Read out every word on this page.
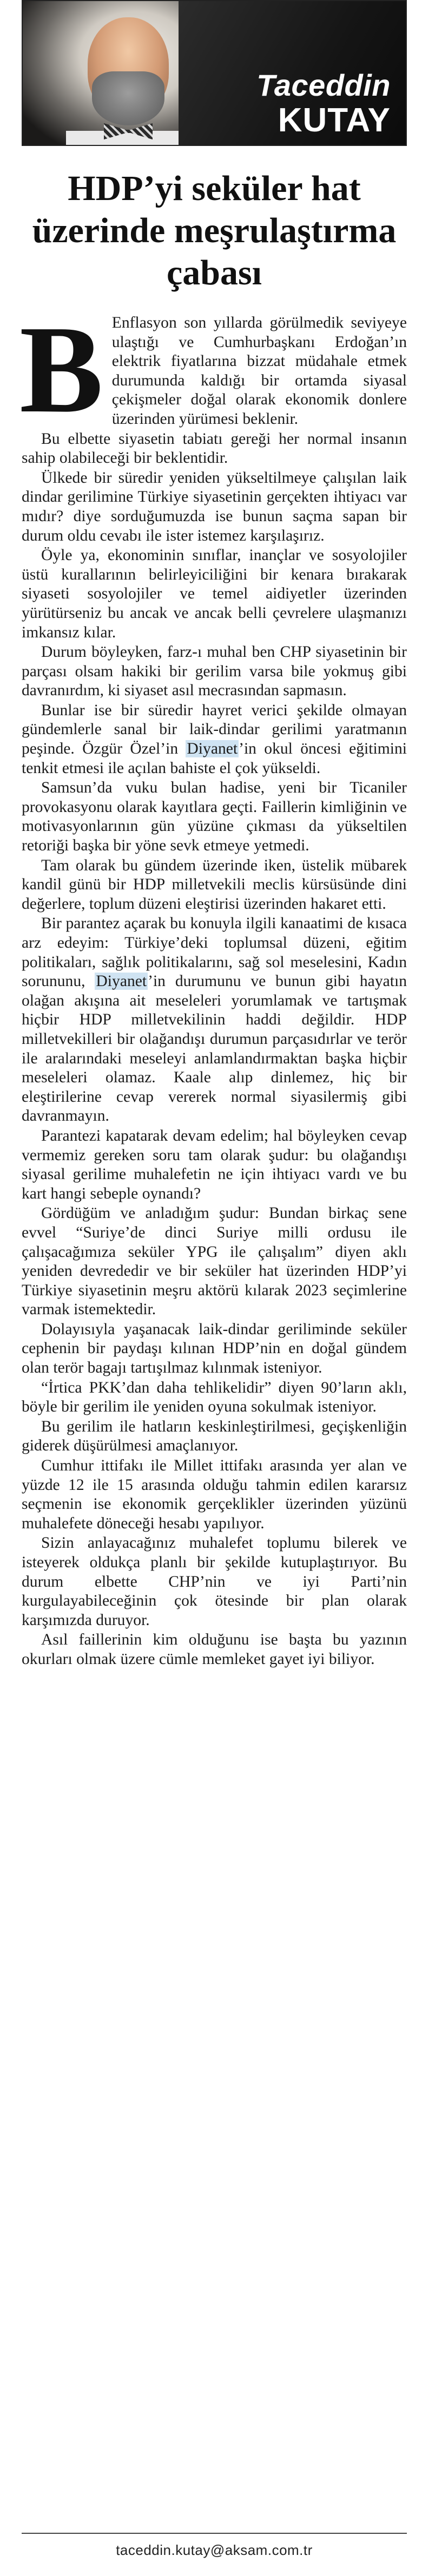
Taceddin
KUTAY
HDP’yi seküler hat üzerinde meşrulaştırma çabası
B Enflasyon son yıllarda görülmedik seviyeye ulaştığı ve Cumhurbaşkanı Erdoğan’ın elektrik fiyatlarına bizzat müdahale etmek durumunda kaldığı bir ortamda siyasal çekişmeler doğal olarak ekonomik donlere üzerinden yürümesi beklenir.

Bu elbette siyasetin tabiatı gereği her normal insanın sahip olabileceği bir beklentidir.

Ülkede bir süredir yeniden yükseltilmeye çalışılan laik dindar gerilimine Türkiye siyasetinin gerçekten ihtiyacı var mıdır? diye sorduğumuzda ise bunun saçma sapan bir durum oldu cevabı ile ister istemez karşılaşırız.

Öyle ya, ekonominin sınıflar, inançlar ve sosyolojiler üstü kurallarının belirleyiciliğini bir kenara bırakarak siyaseti sosyolojiler ve temel aidiyetler üzerinden yürütürseniz bu ancak ve ancak belli çevrelere ulaşmanızı imkansız kılar.

Durum böyleyken, farz-ı muhal ben CHP siyasetinin bir parçası olsam hakiki bir gerilim varsa bile yokmuş gibi davranırdım, ki siyaset asıl mecrasından sapmasın.

Bunlar ise bir süredir hayret verici şekilde olmayan gündemlerle sanal bir laik-dindar gerilimi yaratmanın peşinde. Özgür Özel’in Diyanet’in okul öncesi eğitimini tenkit etmesi ile açılan bahiste el çok yükseldi.

Samsun’da vuku bulan hadise, yeni bir Ticaniler provokasyonu olarak kayıtlara geçti. Faillerin kimliğinin ve motivasyonlarının gün yüzüne çıkması da yükseltilen retoriği başka bir yöne sevk etmeye yetmedi.

Tam olarak bu gündem üzerinde iken, üstelik mübarek kandil günü bir HDP milletvekili meclis kürsüsünde dini değerlere, toplum düzeni eleştirisi üzerinden hakaret etti.

Bir parantez açarak bu konuyla ilgili kanaatimi de kısaca arz edeyim: Türkiye’deki toplumsal düzeni, eğitim politikaları, sağlık politikalarını, sağ sol meselesini, Kadın sorununu, Diyanet’in durumunu ve bunun gibi hayatın olağan akışına ait meseleleri yorumlamak ve tartışmak hiçbir HDP milletvekilinin haddi değildir. HDP milletvekilleri bir olağandışı durumun parçasıdırlar ve terör ile aralarındaki meseleyi anlamlandırmaktan başka hiçbir meseleleri olamaz. Kaale alıp dinlemez, hiç bir eleştirilerine cevap vererek normal siyasilermiş gibi davranmayın.

Parantezi kapatarak devam edelim; hal böyleyken cevap vermemiz gereken soru tam olarak şudur: bu olağandışı siyasal gerilime muhalefetin ne için ihtiyacı vardı ve bu kart hangi sebeple oynandı?

Gördüğüm ve anladığım şudur: Bundan birkaç sene evvel “Suriye’de dinci Suriye milli ordusu ile çalışacağımıza seküler YPG ile çalışalım” diyen aklı yeniden devrededir ve bir seküler hat üzerinden HDP’yi Türkiye siyasetinin meşru aktörü kılarak 2023 seçimlerine varmak istemektedir.

Dolayısıyla yaşanacak laik-dindar geriliminde seküler cephenin bir paydaşı kılınan HDP’nin en doğal gündem olan terör bagajı tartışılmaz kılınmak isteniyor.

“İrtica PKK’dan daha tehlikelidir” diyen 90’ların aklı, böyle bir gerilim ile yeniden oyuna sokulmak isteniyor.

Bu gerilim ile hatların keskinleştirilmesi, geçişkenliğin giderek düşürülmesi amaçlanıyor.

Cumhur ittifakı ile Millet ittifakı arasında yer alan ve yüzde 12 ile 15 arasında olduğu tahmin edilen kararsız seçmenin ise ekonomik gerçeklikler üzerinden yüzünü muhalefete döneceği hesabı yapılıyor.

Sizin anlayacağınız muhalefet toplumu bilerek ve isteyerek oldukça planlı bir şekilde kutuplaştırıyor. Bu durum elbette CHP’nin ve iyi Parti’nin kurgulayabileceğinin çok ötesinde bir plan olarak karşımızda duruyor.

Asıl faillerinin kim olduğunu ise başta bu yazının okurları olmak üzere cümle memleket gayet iyi biliyor.

taceddin.kutay@aksam.com.tr
